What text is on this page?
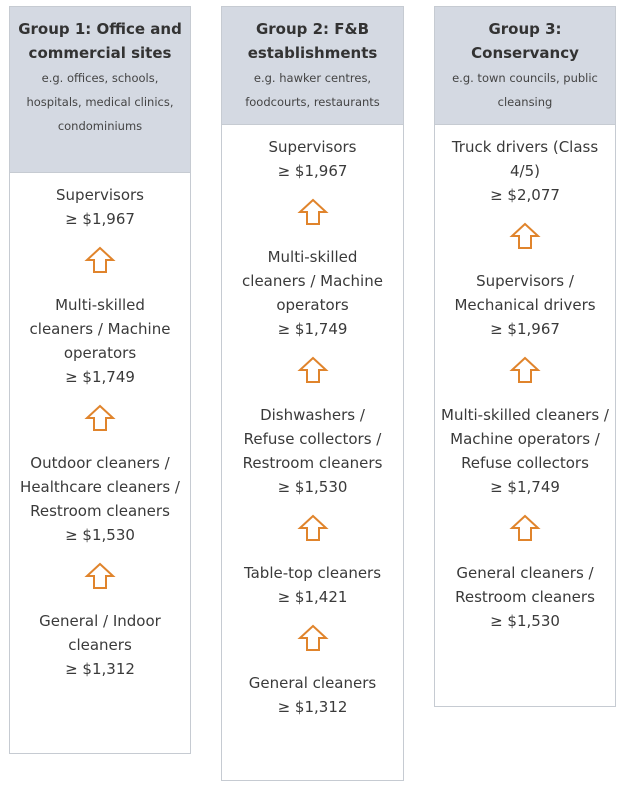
Group 1: Office and commercial sites
e.g. offices, schools, hospitals, medical clinics, condominiums
Supervisors
≥ $1,967
Multi-skilled cleaners / Machine operators
≥ $1,749
Outdoor cleaners / Healthcare cleaners / Restroom cleaners
≥ $1,530
General / Indoor cleaners
≥ $1,312
Group 2: F&B establishments
e.g. hawker centres, foodcourts, restaurants
Supervisors
≥ $1,967
Multi-skilled cleaners / Machine operators
≥ $1,749
Dishwashers / Refuse collectors / Restroom cleaners
≥ $1,530
Table-top cleaners
≥ $1,421
General cleaners
≥ $1,312
Group 3: Conservancy
e.g. town councils, public cleansing
Truck drivers (Class 4/5)
≥ $2,077
Supervisors / Mechanical drivers
≥ $1,967
Multi-skilled cleaners / Machine operators / Refuse collectors
≥ $1,749
General cleaners / Restroom cleaners
≥ $1,530
